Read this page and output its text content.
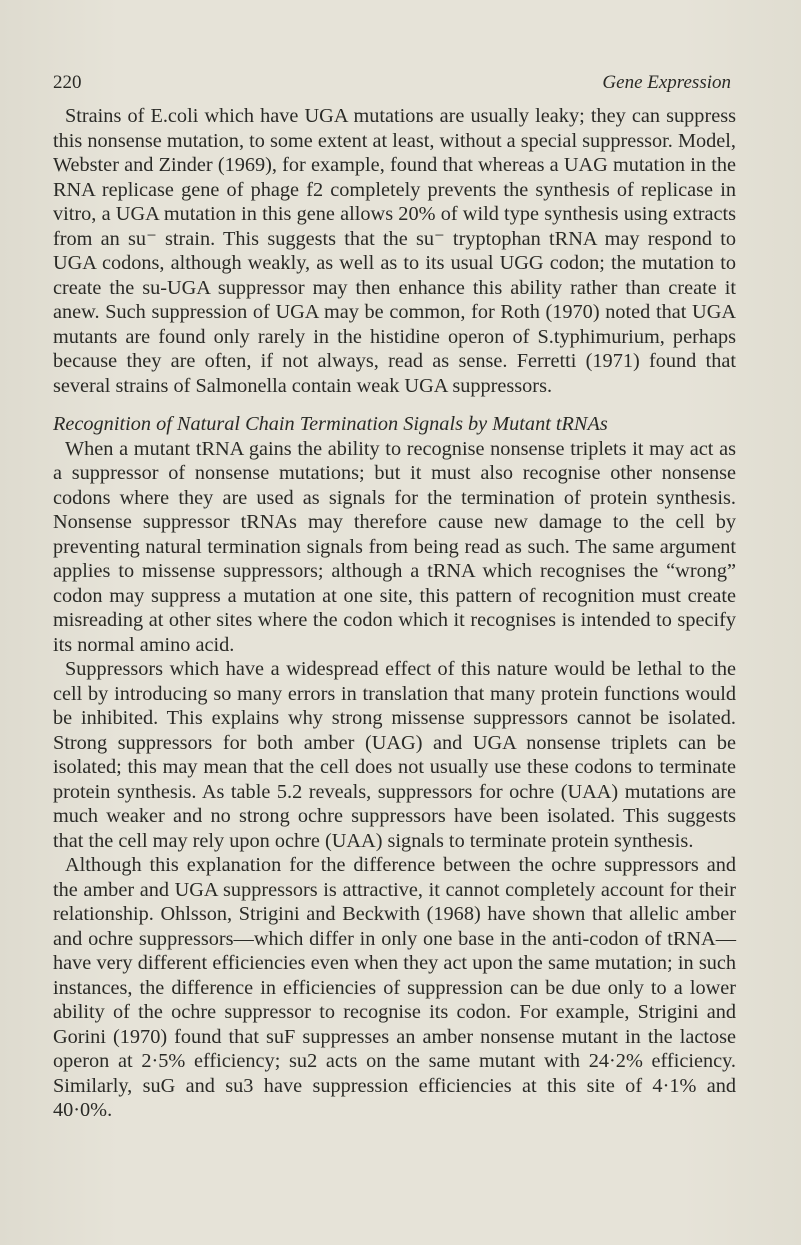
220	Gene Expression

Strains of E.coli which have UGA mutations are usually leaky; they can suppress this nonsense mutation, to some extent at least, without a special suppressor. Model, Webster and Zinder (1969), for example, found that whereas a UAG mutation in the RNA replicase gene of phage f2 completely prevents the synthesis of replicase in vitro, a UGA mutation in this gene allows 20% of wild type synthesis using extracts from an su⁻ strain. This suggests that the su⁻ tryptophan tRNA may respond to UGA codons, although weakly, as well as to its usual UGG codon; the mutation to create the su-UGA suppressor may then enhance this ability rather than create it anew. Such suppression of UGA may be common, for Roth (1970) noted that UGA mutants are found only rarely in the histidine operon of S.typhimurium, perhaps because they are often, if not always, read as sense. Ferretti (1971) found that several strains of Salmonella contain weak UGA suppressors.

Recognition of Natural Chain Termination Signals by Mutant tRNAs

When a mutant tRNA gains the ability to recognise nonsense triplets it may act as a suppressor of nonsense mutations; but it must also recognise other nonsense codons where they are used as signals for the termination of protein synthesis. Nonsense suppressor tRNAs may therefore cause new damage to the cell by preventing natural termination signals from being read as such. The same argument applies to missense suppressors; although a tRNA which recognises the “wrong” codon may suppress a mutation at one site, this pattern of recognition must create misreading at other sites where the codon which it recognises is intended to specify its normal amino acid.

Suppressors which have a widespread effect of this nature would be lethal to the cell by introducing so many errors in translation that many protein functions would be inhibited. This explains why strong missense suppressors cannot be isolated. Strong suppressors for both amber (UAG) and UGA nonsense triplets can be isolated; this may mean that the cell does not usually use these codons to terminate protein synthesis. As table 5.2 reveals, suppressors for ochre (UAA) mutations are much weaker and no strong ochre suppressors have been isolated. This suggests that the cell may rely upon ochre (UAA) signals to terminate protein synthesis.

Although this explanation for the difference between the ochre suppressors and the amber and UGA suppressors is attractive, it cannot completely account for their relationship. Ohlsson, Strigini and Beckwith (1968) have shown that allelic amber and ochre suppressors—which differ in only one base in the anti-codon of tRNA—have very different efficiencies even when they act upon the same mutation; in such instances, the difference in efficiencies of suppression can be due only to a lower ability of the ochre suppressor to recognise its codon. For example, Strigini and Gorini (1970) found that suF suppresses an amber nonsense mutant in the lactose operon at 2·5% efficiency; su2 acts on the same mutant with 24·2% efficiency. Similarly, suG and su3 have suppression efficiencies at this site of 4·1% and 40·0%.
